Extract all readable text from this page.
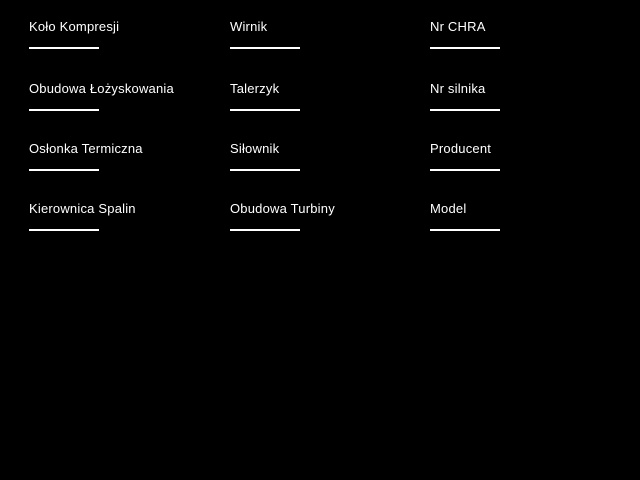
Koło Kompresji	Wirnik	Nr CHRA
Obudowa Łożyskowania	Talerzyk	Nr silnika
Osłonka Termiczna	Siłownik	Producent
Kierownica Spalin	Obudowa Turbiny	Model
